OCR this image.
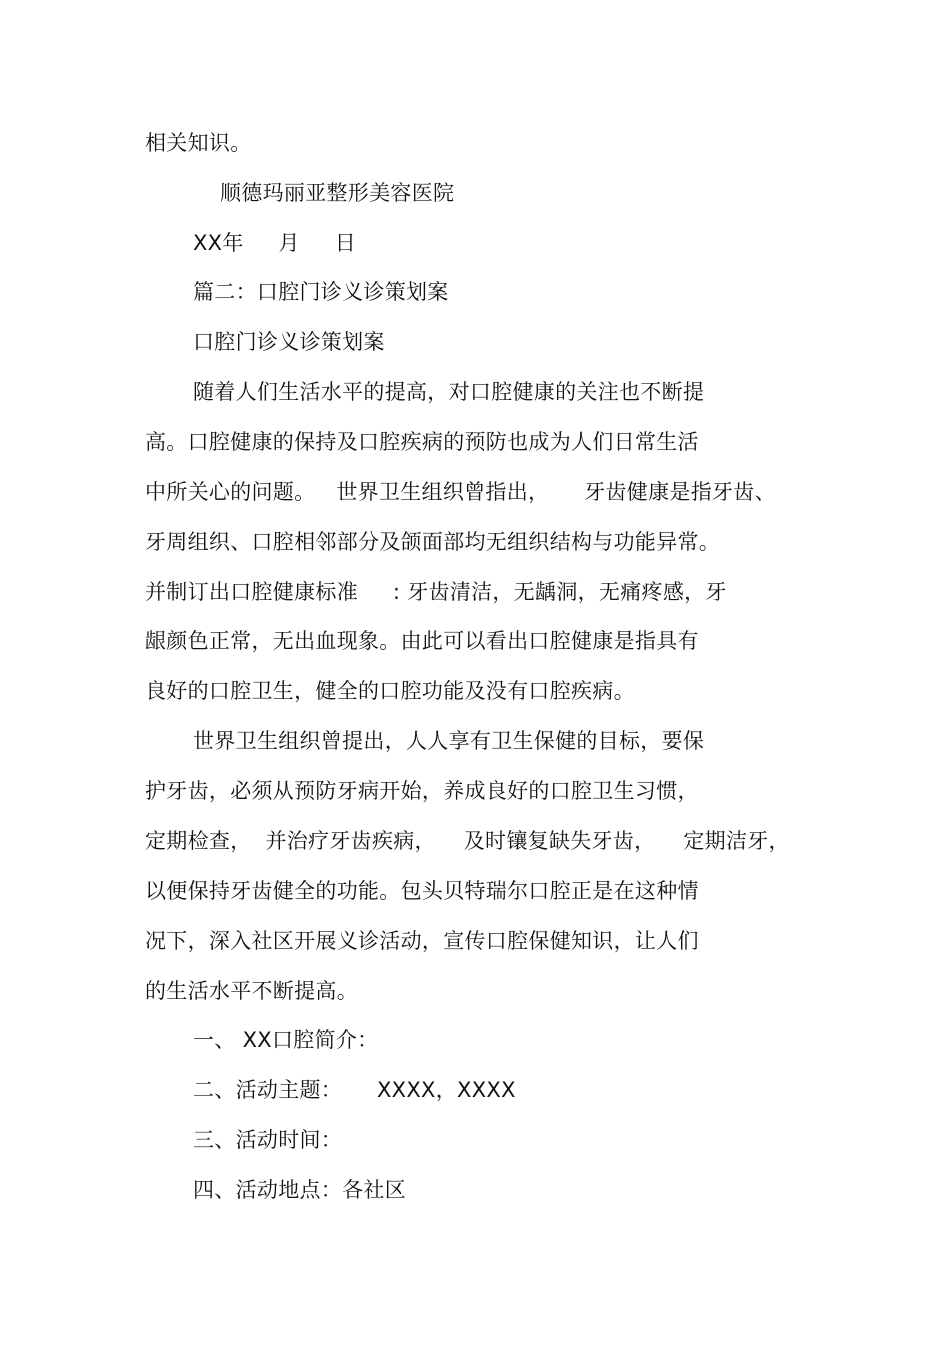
相关知识。
顺德玛丽亚整形美容医院
XX年     月     日
篇二：口腔门诊义诊策划案
口腔门诊义诊策划案
随着人们生活水平的提高，对口腔健康的关注也不断提
高。口腔健康的保持及口腔疾病的预防也成为人们日常生活
中所关心的问题。   世界卫生组织曾指出，     牙齿健康是指牙齿、
牙周组织、口腔相邻部分及颌面部均无组织结构与功能异常。
并制订出口腔健康标准     : 牙齿清洁，无龋洞，无痛疼感，牙
龈颜色正常，无出血现象。由此可以看出口腔健康是指具有
良好的口腔卫生，健全的口腔功能及没有口腔疾病。
世界卫生组织曾提出，人人享有卫生保健的目标，要保
护牙齿，必须从预防牙病开始，养成良好的口腔卫生习惯，
定期检查，  并治疗牙齿疾病，    及时镶复缺失牙齿，    定期洁牙，
以便保持牙齿健全的功能。包头贝特瑞尔口腔正是在这种情
况下，深入社区开展义诊活动，宣传口腔保健知识，让人们
的生活水平不断提高。
一、 XX口腔简介：
二、活动主题：     XXXX，XXXX
三、活动时间：
四、活动地点：各社区
